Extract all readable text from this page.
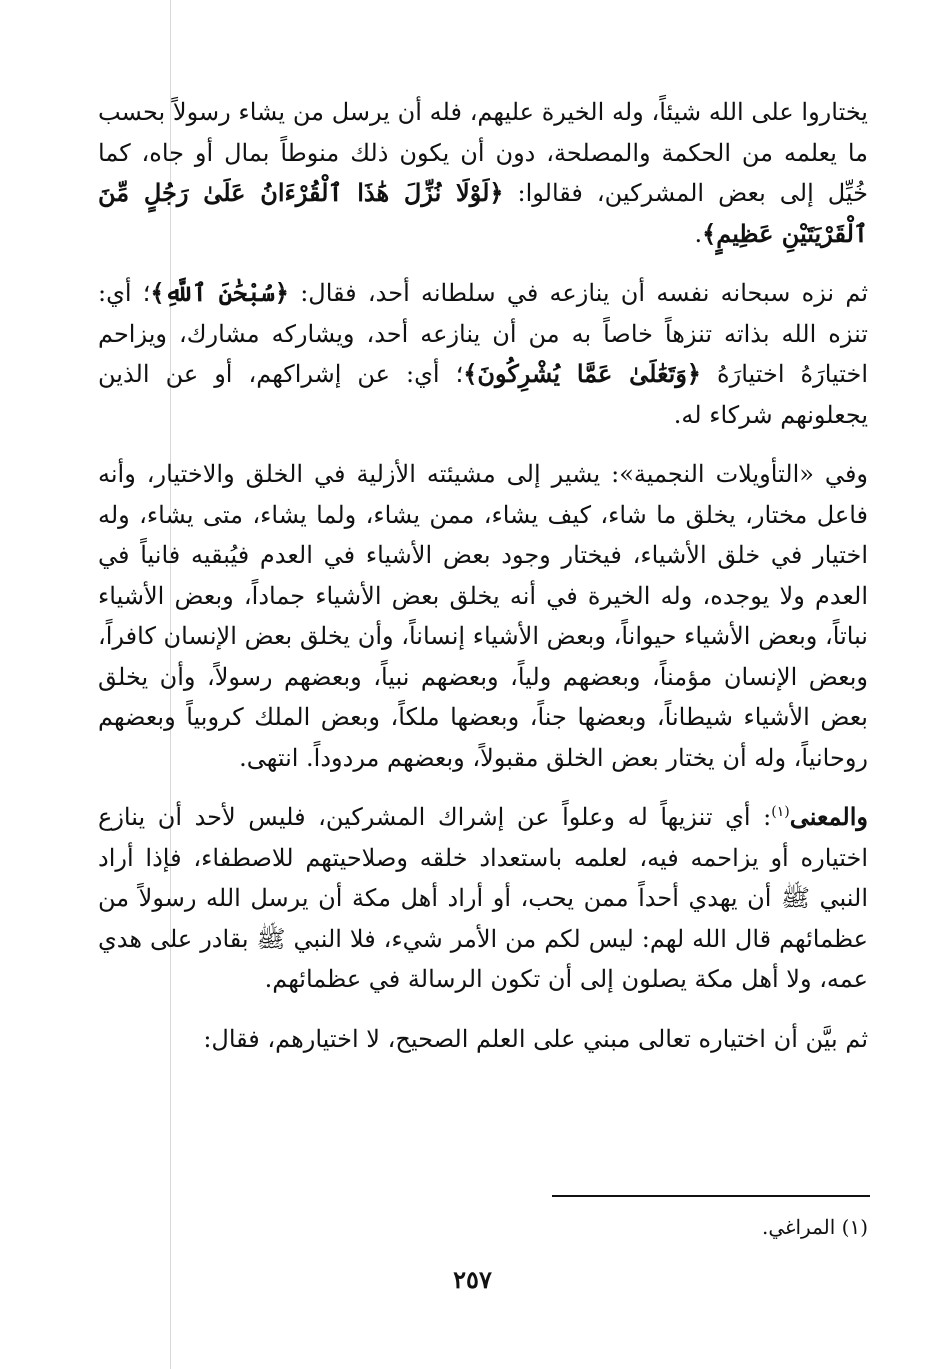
يختاروا على الله شيئاً، وله الخيرة عليهم، فله أن يرسل من يشاء رسولاً بحسب ما يعلمه من الحكمة والمصلحة، دون أن يكون ذلك منوطاً بمال أو جاه، كما خُيِّل إلى بعض المشركين، فقالوا: ﴿لَوْلَا نُزِّلَ هَٰذَا ٱلْقُرْءَانُ عَلَىٰ رَجُلٍ مِّنَ ٱلْقَرْيَتَيْنِ عَظِيمٍ﴾.

ثم نزه سبحانه نفسه أن ينازعه في سلطانه أحد، فقال: ﴿سُبْحَٰنَ ٱللَّهِ﴾؛ أي: تنزه الله بذاته تنزهاً خاصاً به من أن ينازعه أحد، ويشاركه مشارك، ويزاحم اختيارَهُ اختيارَهُ ﴿وَتَعَٰلَىٰ عَمَّا يُشْرِكُونَ﴾؛ أي: عن إشراكهم، أو عن الذين يجعلونهم شركاء له.

وفي «التأويلات النجمية»: يشير إلى مشيئته الأزلية في الخلق والاختيار، وأنه فاعل مختار، يخلق ما شاء، كيف يشاء، ممن يشاء، ولما يشاء، متى يشاء، وله اختيار في خلق الأشياء، فيختار وجود بعض الأشياء في العدم فيُبقيه فانياً في العدم ولا يوجده، وله الخيرة في أنه يخلق بعض الأشياء جماداً، وبعض الأشياء نباتاً، وبعض الأشياء حيواناً، وبعض الأشياء إنساناً، وأن يخلق بعض الإنسان كافراً، وبعض الإنسان مؤمناً، وبعضهم ولياً، وبعضهم نبياً، وبعضهم رسولاً، وأن يخلق بعض الأشياء شيطاناً، وبعضها جناً، وبعضها ملكاً، وبعض الملك كروبياً وبعضهم روحانياً، وله أن يختار بعض الخلق مقبولاً، وبعضهم مردوداً. انتهى.

والمعنى$^{(١)}$: أي تنزيهاً له وعلواً عن إشراك المشركين، فليس لأحد أن ينازع اختياره أو يزاحمه فيه، لعلمه باستعداد خلقه وصلاحيتهم للاصطفاء، فإذا أراد النبي ﷺ أن يهدي أحداً ممن يحب، أو أراد أهل مكة أن يرسل الله رسولاً من عظمائهم قال الله لهم: ليس لكم من الأمر شيء، فلا النبي ﷺ بقادر على هدي عمه، ولا أهل مكة يصلون إلى أن تكون الرسالة في عظمائهم.

ثم بيَّن أن اختياره تعالى مبني على العلم الصحيح، لا اختيارهم، فقال:

(١) المراغي.

٢٥٧
